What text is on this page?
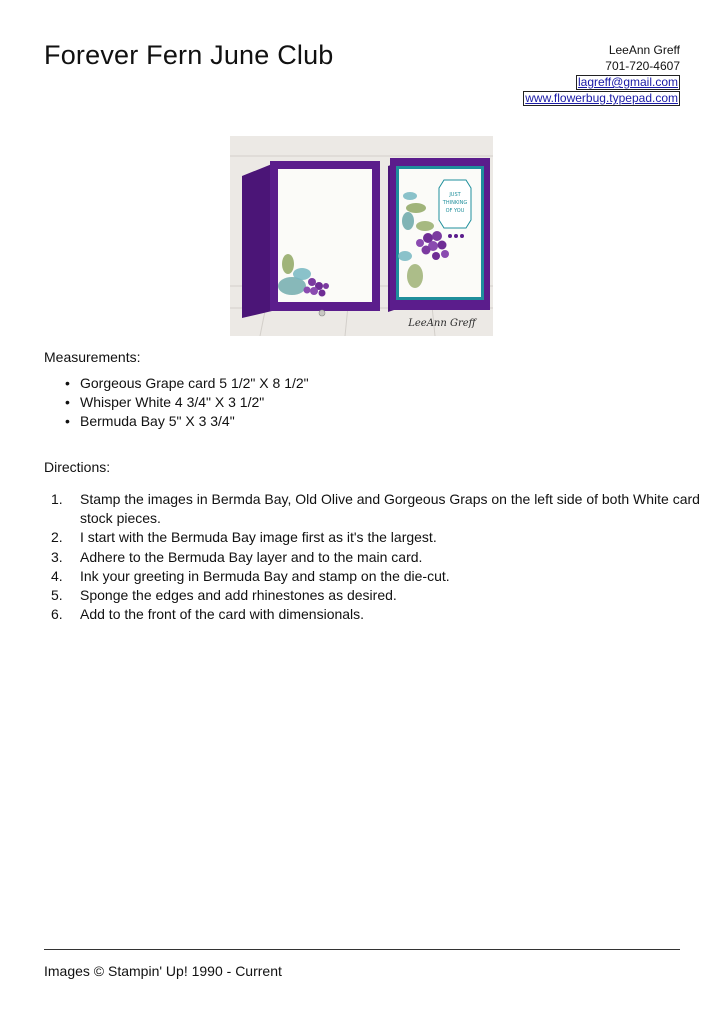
Forever Fern June Club	LeeAnn Greff
701-720-4607
lagreff@gmail.com
www.flowerbug.typepad.com
JUST
THINKING
OF YOU
LeeAnn Greff
Measurements:
• Gorgeous Grape card 5 1/2" X 8 1/2"
• Whisper White 4 3/4" X 3 1/2"
• Bermuda Bay 5" X 3 3/4"
Directions:
Stamp the images in Bermda Bay, Old Olive and Gorgeous Graps on the left side of both White card stock pieces.
I start with the Bermuda Bay image first as it's the largest.
Adhere to the Bermuda Bay layer and to the main card.
Ink your greeting in Bermuda Bay and stamp on the die-cut.
Sponge the edges and add rhinestones as desired.
Add to the front of the card with dimensionals.
Images © Stampin' Up! 1990 - Current
